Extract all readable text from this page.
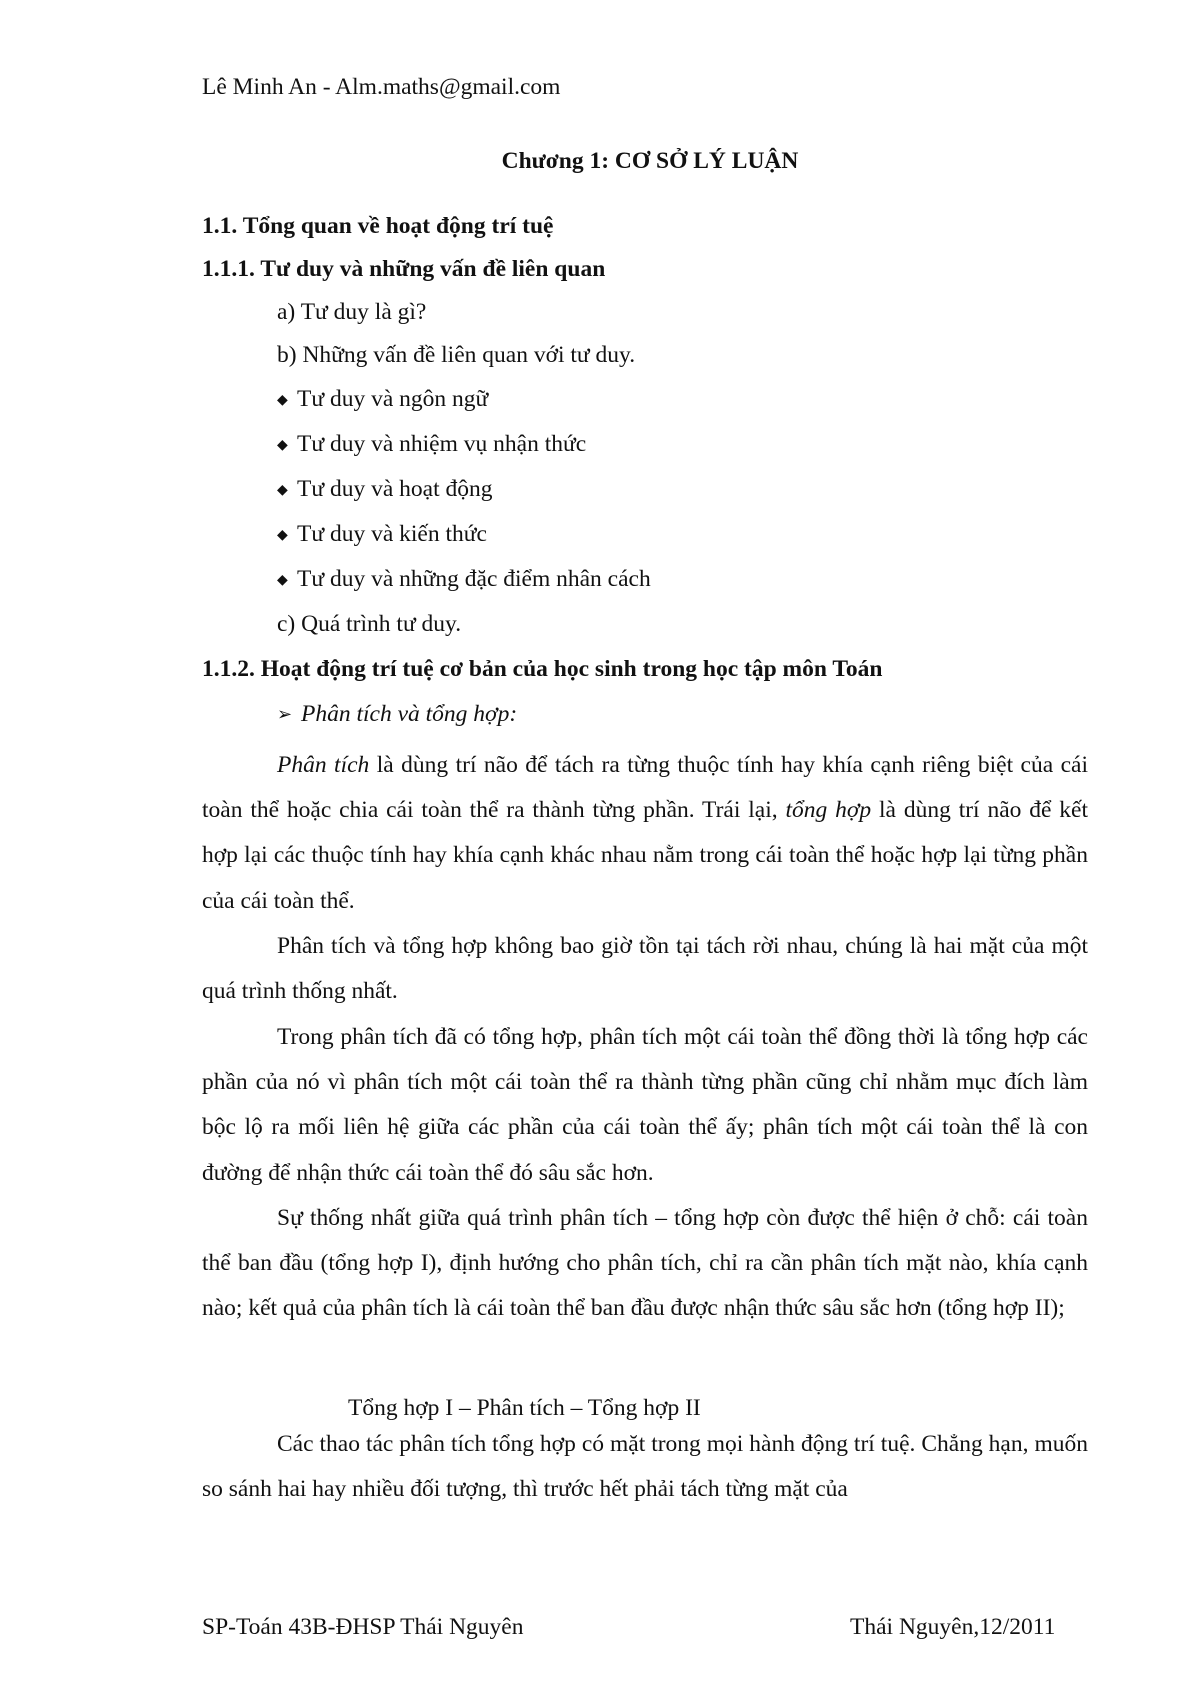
Lê Minh An - Alm.maths@gmail.com
Chương 1: CƠ SỞ LÝ LUẬN
1.1. Tổng quan về hoạt động trí tuệ
1.1.1. Tư duy và những vấn đề liên quan
a) Tư duy là gì?
b) Những vấn đề liên quan với tư duy.
◆ Tư duy và ngôn ngữ
◆ Tư duy và nhiệm vụ nhận thức
◆ Tư duy và hoạt động
◆ Tư duy và kiến thức
◆ Tư duy và những đặc điểm nhân cách
c) Quá trình tư duy.
1.1.2. Hoạt động trí tuệ cơ bản của học sinh trong học tập môn Toán
➢ Phân tích và tổng hợp:

Phân tích là dùng trí não để tách ra từng thuộc tính hay khía cạnh riêng biệt của cái toàn thể hoặc chia cái toàn thể ra thành từng phần. Trái lại, tổng hợp là dùng trí não để kết hợp lại các thuộc tính hay khía cạnh khác nhau nằm trong cái toàn thể hoặc hợp lại từng phần của cái toàn thể.

Phân tích và tổng hợp không bao giờ tồn tại tách rời nhau, chúng là hai mặt của một quá trình thống nhất.

Trong phân tích đã có tổng hợp, phân tích một cái toàn thể đồng thời là tổng hợp các phần của nó vì phân tích một cái toàn thể ra thành từng phần cũng chỉ nhằm mục đích làm bộc lộ ra mối liên hệ giữa các phần của cái toàn thể ấy; phân tích một cái toàn thể là con đường để nhận thức cái toàn thể đó sâu sắc hơn.

Sự thống nhất giữa quá trình phân tích – tổng hợp còn được thể hiện ở chỗ: cái toàn thể ban đầu (tổng hợp I), định hướng cho phân tích, chỉ ra cần phân tích mặt nào, khía cạnh nào; kết quả của phân tích là cái toàn thể ban đầu được nhận thức sâu sắc hơn (tổng hợp II);

Tổng hợp I – Phân tích – Tổng hợp II

Các thao tác phân tích tổng hợp có mặt trong mọi hành động trí tuệ. Chẳng hạn, muốn so sánh hai hay nhiều đối tượng, thì trước hết phải tách từng mặt của

SP-Toán 43B-ĐHSP Thái Nguyên	Thái Nguyên,12/2011
